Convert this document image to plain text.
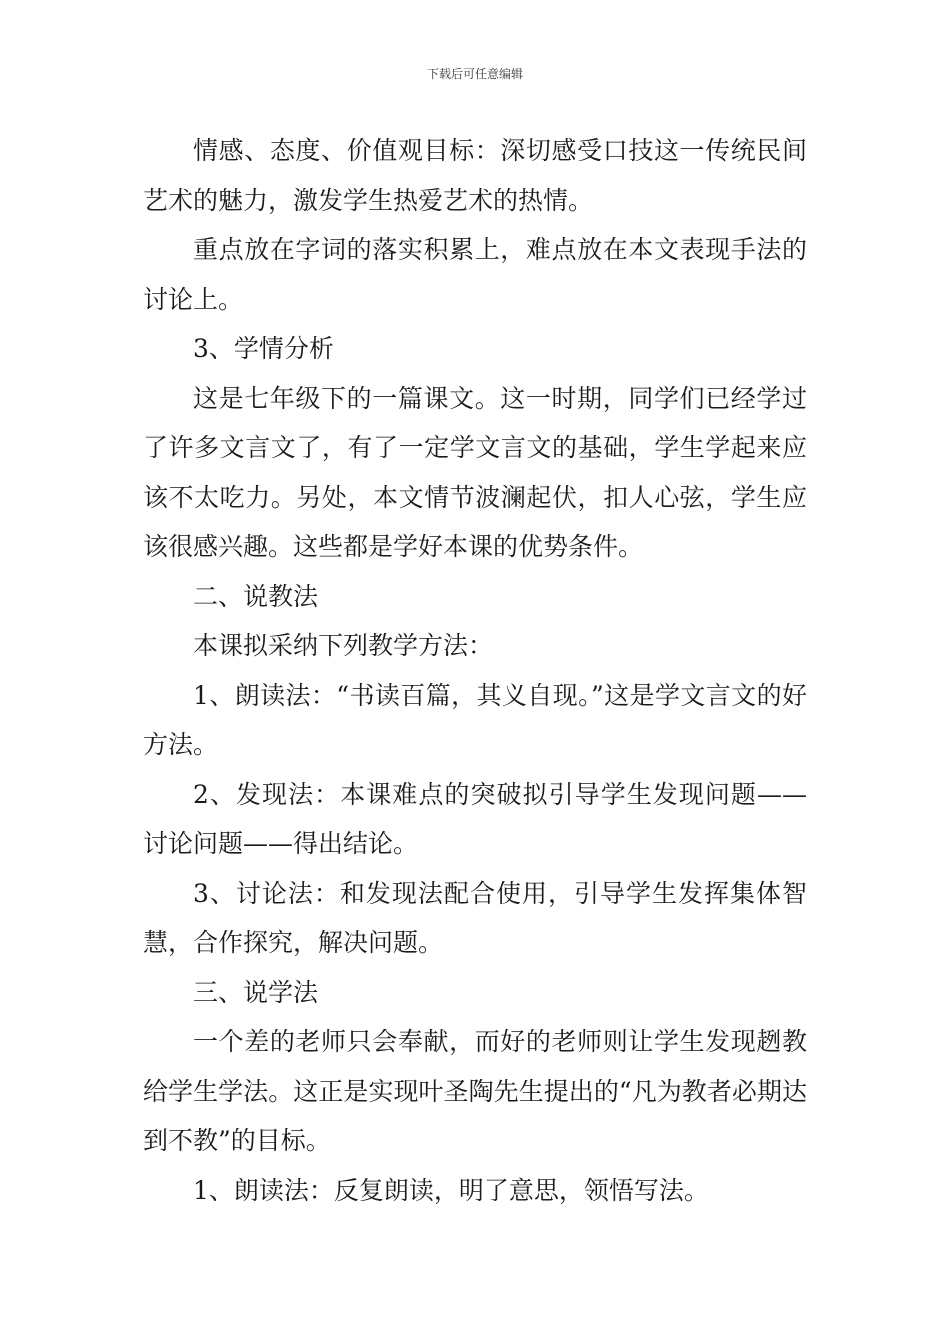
下载后可任意编辑

情感、态度、价值观目标：深切感受口技这一传统民间艺术的魅力，激发学生热爱艺术的热情。

重点放在字词的落实积累上，难点放在本文表现手法的讨论上。

3、学情分析

这是七年级下的一篇课文。这一时期，同学们已经学过了许多文言文了，有了一定学文言文的基础，学生学起来应该不太吃力。另处，本文情节波澜起伏，扣人心弦，学生应该很感兴趣。这些都是学好本课的优势条件。

二、说教法

本课拟采纳下列教学方法：

1、朗读法：“书读百篇，其义自现。”这是学文言文的好方法。

2、发现法：本课难点的突破拟引导学生发现问题——讨论问题——得出结论。

3、讨论法：和发现法配合使用，引导学生发挥集体智慧，合作探究，解决问题。

三、说学法

一个差的老师只会奉献，而好的老师则让学生发现趔教给学生学法。这正是实现叶圣陶先生提出的“凡为教者必期达到不教”的目标。

1、朗读法：反复朗读，明了意思，领悟写法。
